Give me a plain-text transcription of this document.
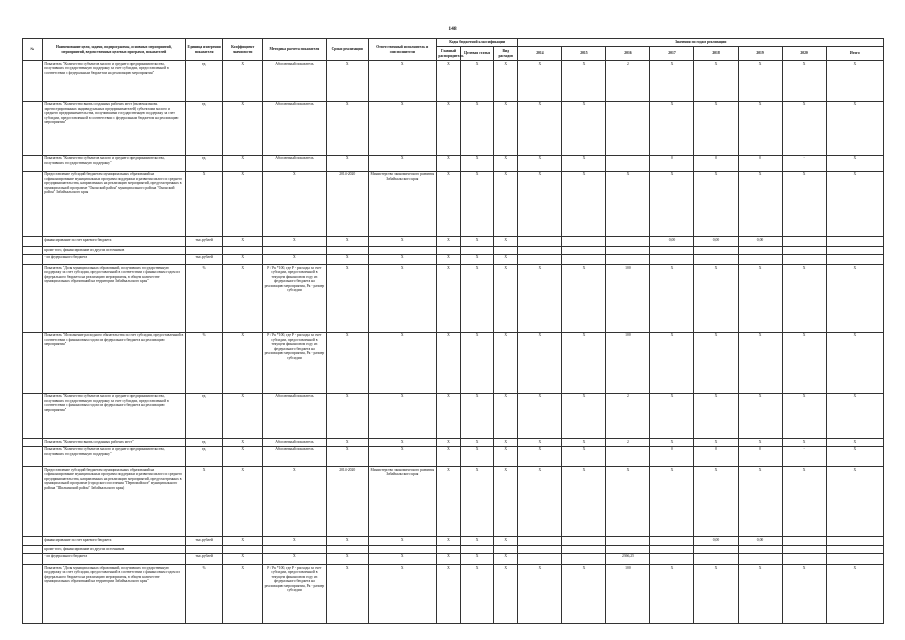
148
№	Наименование цели, задачи, подпрограммы, основных мероприятий, мероприятий, ведомственных целевых программ, показателей	Единица измерения показателя	Коэффициент значимости	Методика расчета показателя	Сроки реализации	Ответственный исполнитель и соисполнители	Коды бюджетной классификации			Значения по годам реализации							
							Главный распорядитель	Целевая статья	Вид расходов	2014	2015	2016	2017	2018	2019	2020	Итого
	Показатель "Количество субъектов малого и среднего предпринимательства, получивших государственную поддержку за счет субсидии, предоставленной в соответствии с федеральным бюджетом на реализацию мероприятия"	ед.	Х	Абсолютный показатель	Х	Х	Х	Х	Х	Х	Х	2	Х	Х	Х	Х	Х
	Показатель "Количество вновь созданных рабочих мест (включая вновь зарегистрированных индивидуальных предпринимателей) субъектами малого и среднего предпринимательства, получившими государственную поддержку за счет субсидии, предоставленной в соответствии с федеральным бюджетом на реализацию мероприятия"	ед.	Х	Абсолютный показатель	Х	Х	Х	Х	Х	Х	Х		Х	Х	Х	Х	Х
	Показатель "Количество субъектов малого и среднего предпринимательства, получивших государственную поддержку"	ед.	Х	Абсолютный показатель	Х	Х	Х	Х	Х	Х	Х		0	0	0	-	Х
	Предоставление субсидий бюджетам муниципальных образований на софинансирование муниципальных программ поддержки и развития малого и среднего предпринимательства, направленных на реализацию мероприятий, предусмотренных в муниципальной программе "Ононский район" муниципального района "Ононский район" Забайкальского края	Х	Х	Х	2014-2020	Министерство экономического развития Забайкальского края	Х	Х	Х	Х	Х	Х	Х	Х	Х	Х	Х
	финансирование за счет краевого бюджета	тыс.рублей	Х	Х	Х	Х	Х	Х	Х				0,00	0,00	0,00		
	кроме того, финансирование из других источников																
	- из федерального бюджета	тыс.рублей	Х	Х	Х	Х	Х	Х	Х								
	Показатель "Доля муниципальных образований, получивших государственную поддержку за счет субсидии, предоставленной в соответствии с финансовым годом из федерального бюджета на реализацию мероприятия, в общем количестве муниципальных образований на территории Забайкальского края"	%	Х	Р / Рк *100, где Р - расходы за счет субсидии, предоставленной в текущем финансовом году из федерального бюджета на реализацию мероприятия, Рк - размер субсидии	Х	Х	Х	Х	Х	Х	Х	100	Х	Х	Х	Х	Х
	Показатель "Исполнение расходного обязательства за счет субсидии, предоставленной в соответствии с финансовым годом из федерального бюджета на реализацию мероприятия"	%	Х	Р / Рк *100, где Р - расходы за счет субсидии, предоставленной в текущем финансовом году из федерального бюджета на реализацию мероприятия, Рк - размер субсидии	Х	Х	Х	Х	Х	Х	Х	100	Х	Х	Х	Х	Х
	Показатель "Количество субъектов малого и среднего предпринимательства, получивших государственную поддержку за счет субсидии, предоставленной в соответствии с финансовым годом из федерального бюджета на реализацию мероприятия"	ед.	Х	Абсолютный показатель	Х	Х	Х	Х	Х	Х	Х	2	Х	Х	Х	Х	Х
	Показатель "Количество вновь созданных рабочих мест"	ед.	Х	Абсолютный показатель	Х	Х	Х	Х	Х	Х	Х	2	Х	Х	Х	Х	Х
	Показатель "Количество субъектов малого и среднего предпринимательства, получивших государственную поддержку"	ед.	Х	Абсолютный показатель	Х	Х	Х	Х	Х	Х	Х		0	0	0	-	Х
	Предоставление субсидий бюджетам муниципальных образований на софинансирование муниципальных программ поддержки и развития малого и среднего предпринимательства, направленных на реализацию мероприятий, предусмотренных в муниципальной программе (городского поселения "Первомайское" муниципального района "Шилкинский район" Забайкальского края)	Х	Х	Х	2014-2020	Министерство экономического развития Забайкальского края	Х	Х	Х	Х	Х	Х	Х	Х	Х	Х	Х
	финансирование за счет краевого бюджета	тыс.рублей	Х	Х	Х	Х	Х	Х	Х					0,00	0,00		
	кроме того, финансирование из других источников																
	- из федерального бюджета	тыс.рублей	Х	Х	Х	Х	Х	Х	Х			2366,25					
	Показатель "Доля муниципальных образований, получивших государственную поддержку за счет субсидии, предоставленной в соответствии с финансовым годом из федерального бюджета на реализацию мероприятия, в общем количестве муниципальных образований на территории Забайкальского края"	%	Х	Р / Рк *100, где Р - расходы за счет субсидии, предоставленной в текущем финансовом году из федерального бюджета на реализацию мероприятия, Рк - размер субсидии	Х	Х	Х	Х	Х	Х	Х	100	Х	Х	Х	Х	Х
